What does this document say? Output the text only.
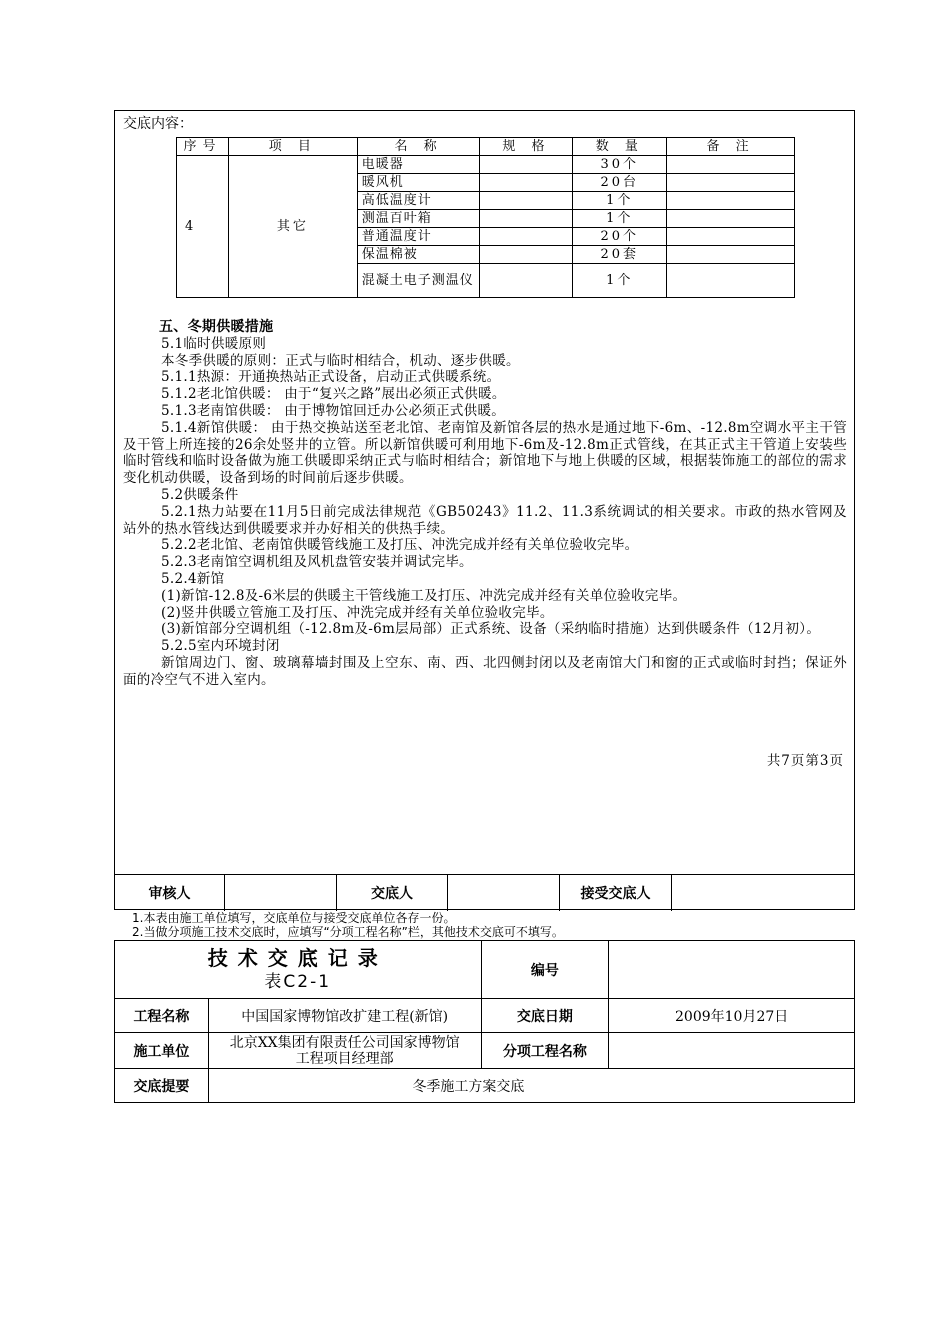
交底内容：
序号	项 目	名 称	规 格	数 量	备 注
4	其它	电暖器		30个	
		暖风机		20台	
		高低温度计		1个	
		测温百叶箱		1个	
		普通温度计		20个	
		保温棉被		20套	
		混凝土电子测温仪		1个	

五、冬期供暖措施

5.1临时供暖原则

本冬季供暖的原则：正式与临时相结合，机动、逐步供暖。

5.1.1热源：开通换热站正式设备，启动正式供暖系统。

5.1.2老北馆供暖： 由于“复兴之路”展出必须正式供暖。

5.1.3老南馆供暖： 由于博物馆回迁办公必须正式供暖。

5.1.4新馆供暖： 由于热交换站送至老北馆、老南馆及新馆各层的热水是通过地下-6m、-12.8m空调水平主干管及干管上所连接的26余处竖井的立管。所以新馆供暖可利用地下-6m及-12.8m正式管线，在其正式主干管道上安装些临时管线和临时设备做为施工供暖即采纳正式与临时相结合；新馆地下与地上供暖的区域，根据装饰施工的部位的需求变化机动供暖，设备到场的时间前后逐步供暖。

5.2供暖条件

5.2.1热力站要在11月5日前完成法律规范《GB50243》11.2、11.3系统调试的相关要求。市政的热水管网及站外的热水管线达到供暖要求并办好相关的供热手续。

5.2.2老北馆、老南馆供暖管线施工及打压、冲洗完成并经有关单位验收完毕。

5.2.3老南馆空调机组及风机盘管安装并调试完毕。

5.2.4新馆

(1)新馆-12.8及-6米层的供暖主干管线施工及打压、冲洗完成并经有关单位验收完毕。

(2)竖井供暖立管施工及打压、冲洗完成并经有关单位验收完毕。

(3)新馆部分空调机组（-12.8m及-6m层局部）正式系统、设备（采纳临时措施）达到供暖条件（12月初）。

5.2.5室内环境封闭

新馆周边门、窗、玻璃幕墙封围及上空东、南、西、北四侧封闭以及老南馆大门和窗的正式或临时封挡；保证外面的冷空气不进入室内。

共7页第3页
审核人	交底人	接受交底人

1.本表由施工单位填写，交底单位与接受交底单位各存一份。

2.当做分项施工技术交底时，应填写“分项工程名称”栏，其他技术交底可不填写。

技术交底记录
表C2-1		编号	
工程名称	中国国家博物馆改扩建工程(新馆)	交底日期	2009年10月27日
施工单位	北京XX集团有限责任公司国家博物馆工程项目经理部	分项工程名称	
交底提要	冬季施工方案交底		
